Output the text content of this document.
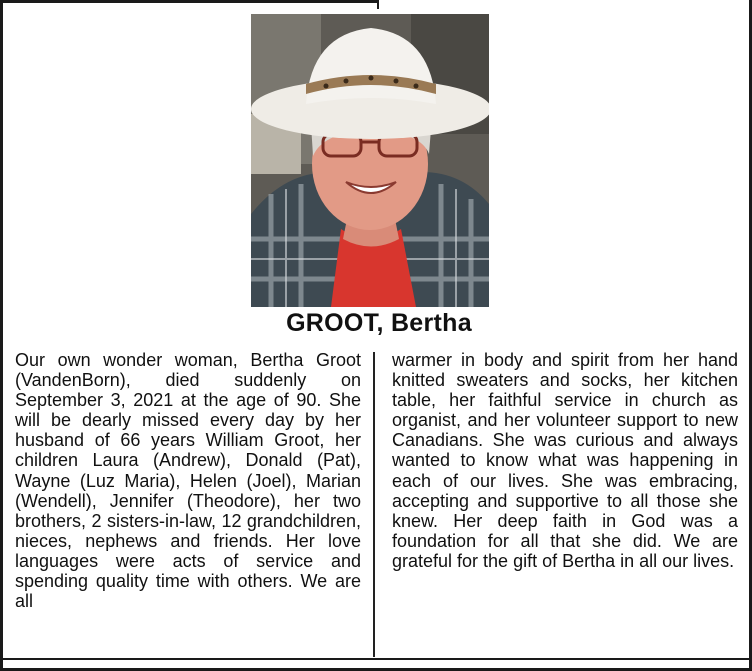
GROOT, Bertha
Our own wonder woman, Bertha Groot (VandenBorn), died suddenly on September 3, 2021 at the age of 90. She will be dearly missed every day by her husband of 66 years William Groot, her children Laura (Andrew), Donald (Pat), Wayne (Luz Maria), Helen (Joel), Marian (Wendell), Jennifer (Theodore), her two brothers, 2 sisters-in-law, 12 grandchildren, nieces, nephews and friends. Her love languages were acts of service and spending quality time with others. We are all
warmer in body and spirit from her hand knitted sweaters and socks, her kitchen table, her faithful service in church as organist, and her volunteer support to new Canadians. She was curious and always wanted to know what was happening in each of our lives. She was embracing, accepting and supportive to all those she knew. Her deep faith in God was a foundation for all that she did. We are grateful for the gift of Bertha in all our lives.
